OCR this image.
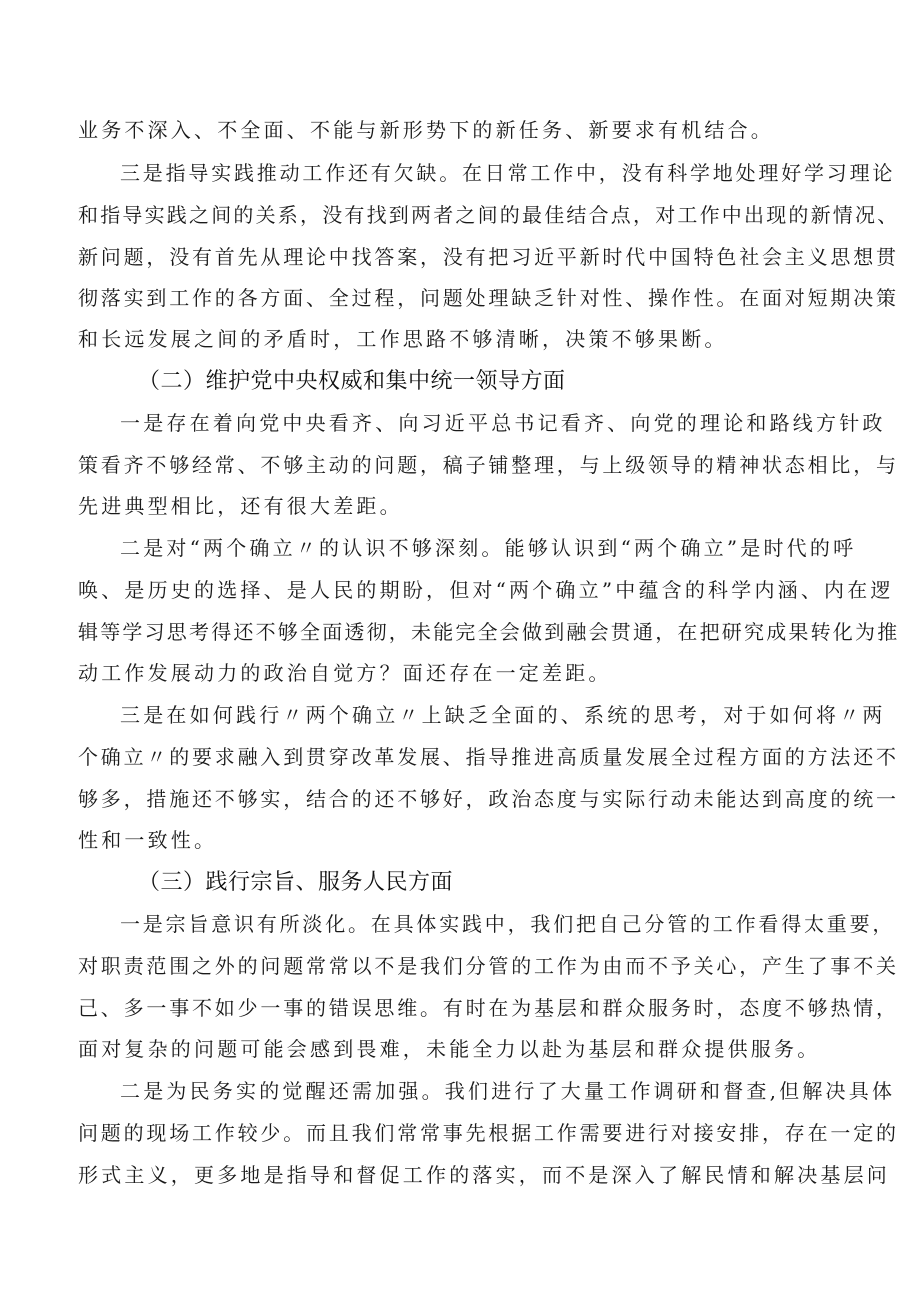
业务不深入、不全面、不能与新形势下的新任务、新要求有机结合。
三是指导实践推动工作还有欠缺。在日常工作中，没有科学地处理好学习理论
和指导实践之间的关系，没有找到两者之间的最佳结合点，对工作中出现的新情况、
新问题，没有首先从理论中找答案，没有把习近平新时代中国特色社会主义思想贯
彻落实到工作的各方面、全过程，问题处理缺乏针对性、操作性。在面对短期决策
和长远发展之间的矛盾时，工作思路不够清晰，决策不够果断。
（二）维护党中央权威和集中统一领导方面
一是存在着向党中央看齐、向习近平总书记看齐、向党的理论和路线方针政
策看齐不够经常、不够主动的问题，稿子铺整理，与上级领导的精神状态相比，与
先进典型相比，还有很大差距。
二是对“两个确立〃的认识不够深刻。能够认识到“两个确立”是时代的呼
唤、是历史的选择、是人民的期盼，但对“两个确立”中蕴含的科学内涵、内在逻
辑等学习思考得还不够全面透彻，未能完全会做到融会贯通，在把研究成果转化为推
动工作发展动力的政治自觉方？面还存在一定差距。
三是在如何践行〃两个确立〃上缺乏全面的、系统的思考，对于如何将〃两
个确立〃的要求融入到贯穿改革发展、指导推进高质量发展全过程方面的方法还不
够多，措施还不够实，结合的还不够好，政治态度与实际行动未能达到高度的统一
性和一致性。
（三）践行宗旨、服务人民方面
一是宗旨意识有所淡化。在具体实践中，我们把自己分管的工作看得太重要，
对职责范围之外的问题常常以不是我们分管的工作为由而不予关心，产生了事不关
己、多一事不如少一事的错误思维。有时在为基层和群众服务时，态度不够热情，
面对复杂的问题可能会感到畏难，未能全力以赴为基层和群众提供服务。
二是为民务实的觉醒还需加强。我们进行了大量工作调研和督查,但解决具体
问题的现场工作较少。而且我们常常事先根据工作需要进行对接安排，存在一定的
形式主义，更多地是指导和督促工作的落实，而不是深入了解民情和解决基层问
